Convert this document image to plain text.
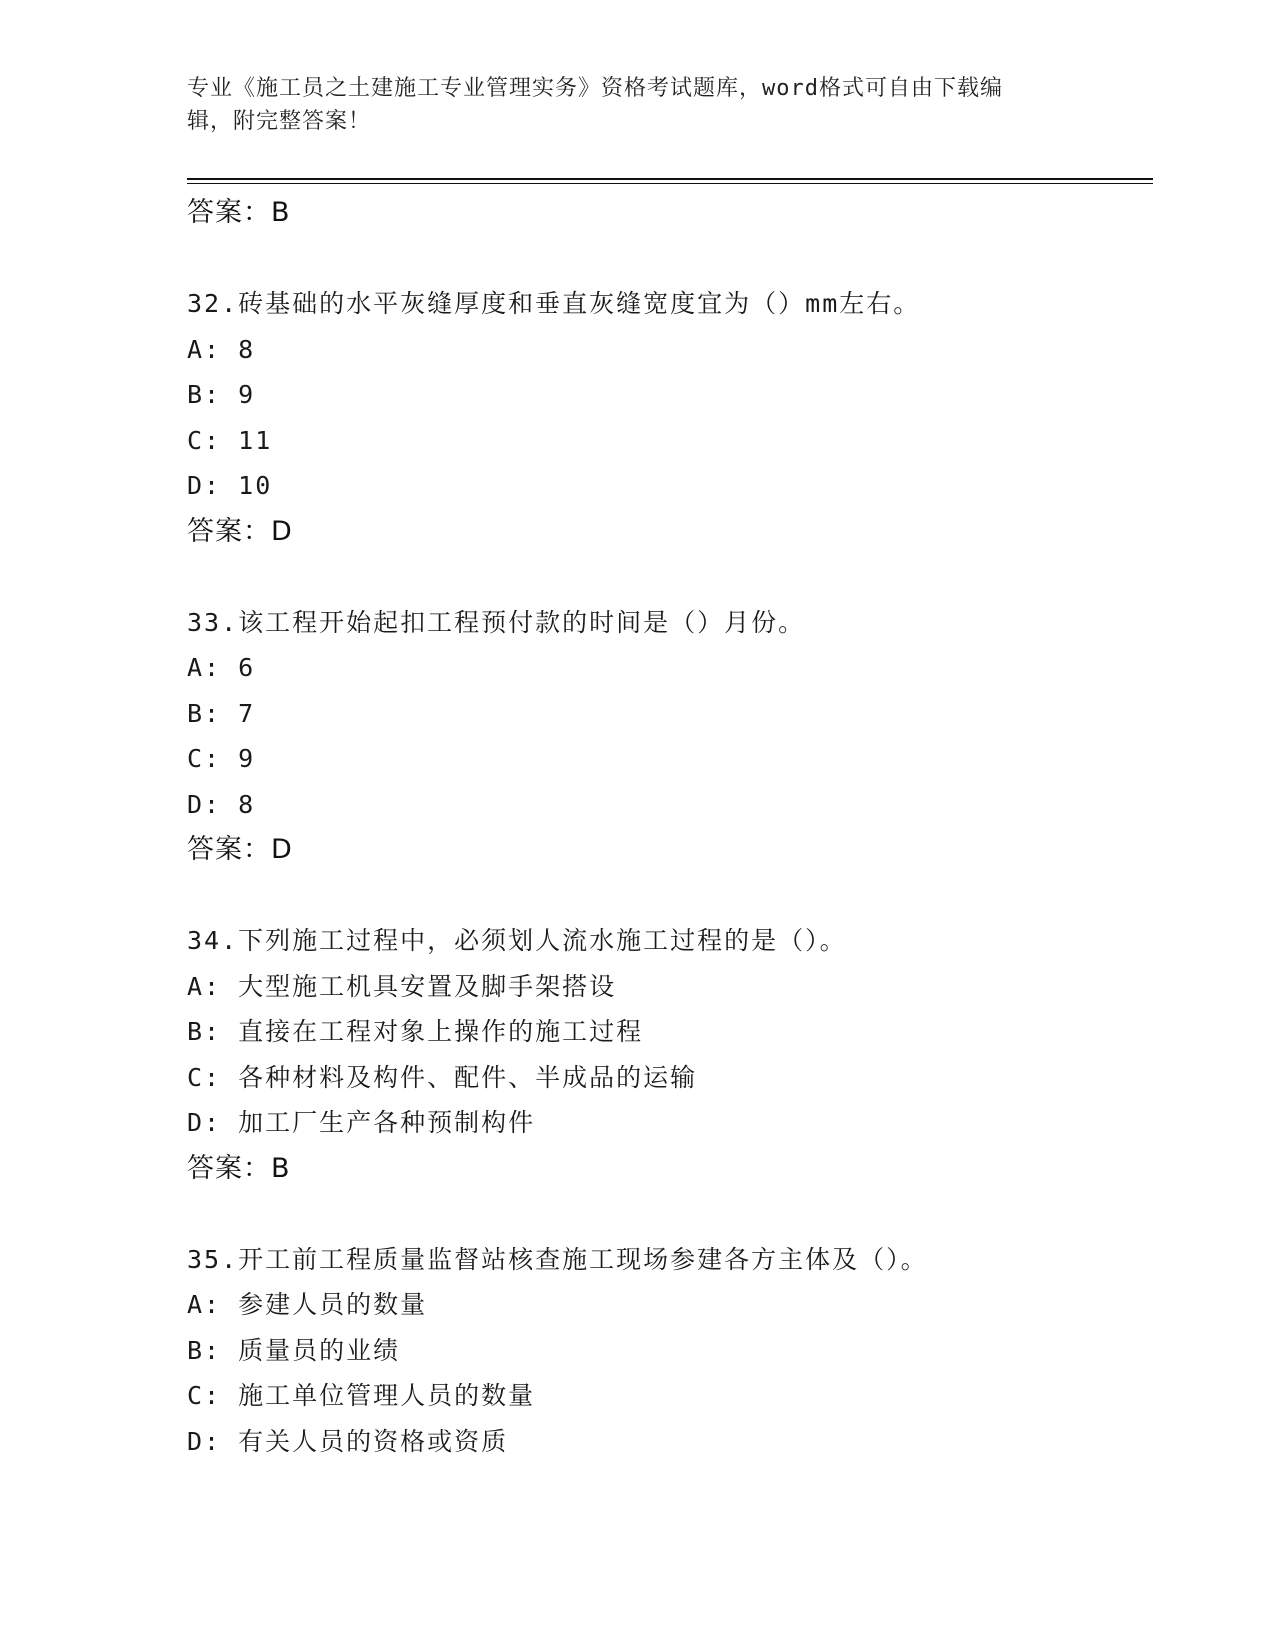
专业《施工员之土建施工专业管理实务》资格考试题库，word格式可自由下载编
辑，附完整答案！
答案：B
32.砖基础的水平灰缝厚度和垂直灰缝宽度宜为（）mm左右。
A: 8
B: 9
C: 11
D: 10
答案：D
33.该工程开始起扣工程预付款的时间是（）月份。
A: 6
B: 7
C: 9
D: 8
答案：D
34.下列施工过程中，必须划人流水施工过程的是（）。
A: 大型施工机具安置及脚手架搭设
B: 直接在工程对象上操作的施工过程
C: 各种材料及构件、配件、半成品的运输
D: 加工厂生产各种预制构件
答案：B
35.开工前工程质量监督站核查施工现场参建各方主体及（）。
A: 参建人员的数量
B: 质量员的业绩
C: 施工单位管理人员的数量
D: 有关人员的资格或资质
